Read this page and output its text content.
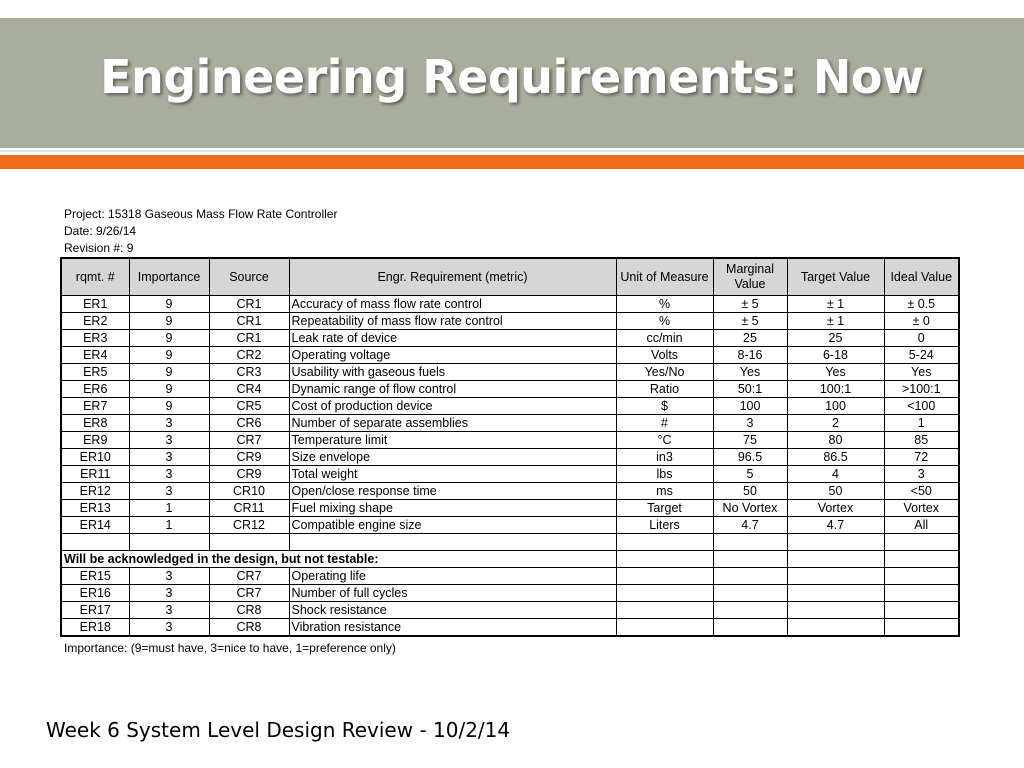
Engineering Requirements: Now
Project: 15318 Gaseous Mass Flow Rate Controller
Date: 9/26/14
Revision #: 9
rqmt. #	Importance	Source	Engr. Requirement (metric)	Unit of Measure	Marginal Value	Target Value	Ideal Value
ER1	9	CR1	Accuracy of mass flow rate control	%	± 5	± 1	± 0.5
ER2	9	CR1	Repeatability of mass flow rate control	%	± 5	± 1	± 0
ER3	9	CR1	Leak rate of device	cc/min	25	25	0
ER4	9	CR2	Operating voltage	Volts	8-16	6-18	5-24
ER5	9	CR3	Usability with gaseous fuels	Yes/No	Yes	Yes	Yes
ER6	9	CR4	Dynamic range of flow control	Ratio	50:1	100:1	>100:1
ER7	9	CR5	Cost of production device	$	100	100	<100
ER8	3	CR6	Number of separate assemblies	#	3	2	1
ER9	3	CR7	Temperature limit	°C	75	80	85
ER10	3	CR9	Size envelope	in3	96.5	86.5	72
ER11	3	CR9	Total weight	lbs	5	4	3
ER12	3	CR10	Open/close response time	ms	50	50	<50
ER13	1	CR11	Fuel mixing shape	Target	No Vortex	Vortex	Vortex
ER14	1	CR12	Compatible engine size	Liters	4.7	4.7	All

Will be acknowledged in the design, but not testable:							
ER15	3	CR7	Operating life				
ER16	3	CR7	Number of full cycles				
ER17	3	CR8	Shock resistance				
ER18	3	CR8	Vibration resistance				
Importance: (9=must have, 3=nice to have, 1=preference only)
Week 6 System Level Design Review - 10/2/14
